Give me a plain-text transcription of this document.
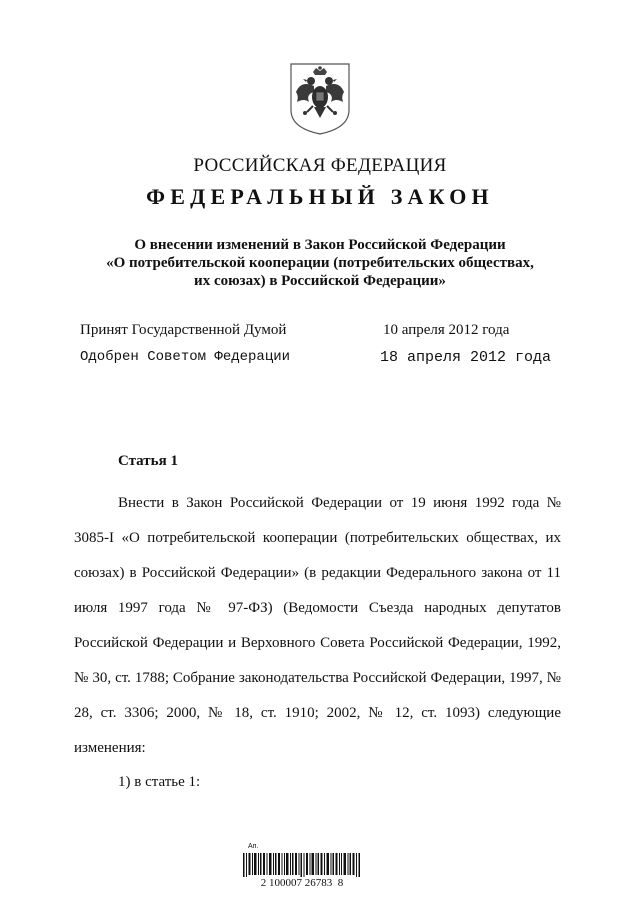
РОССИЙСКАЯ ФЕДЕРАЦИЯ
ФЕДЕРАЛЬНЫЙ ЗАКОН
О внесении изменений в Закон Российской Федерации
«О потребительской кооперации (потребительских обществах,
их союзах) в Российской Федерации»
Принят Государственной Думой	10 апреля 2012 года
Одобрен Советом Федерации	18 апреля 2012 года
Статья 1
Внести в Закон Российской Федерации от 19 июня 1992 года № 3085-I «О потребительской кооперации (потребительских обществах, их союзах) в Российской Федерации» (в редакции Федерального закона от 11 июля 1997 года № 97-ФЗ) (Ведомости Съезда народных депутатов Российской Федерации и Верховного Совета Российской Федерации, 1992, № 30, ст. 1788; Собрание законодательства Российской Федерации, 1997, № 28, ст. 3306; 2000, № 18, ст. 1910; 2002, № 12, ст. 1093) следующие изменения:
1) в статье 1:
Ап.
2 100007 26783  8
